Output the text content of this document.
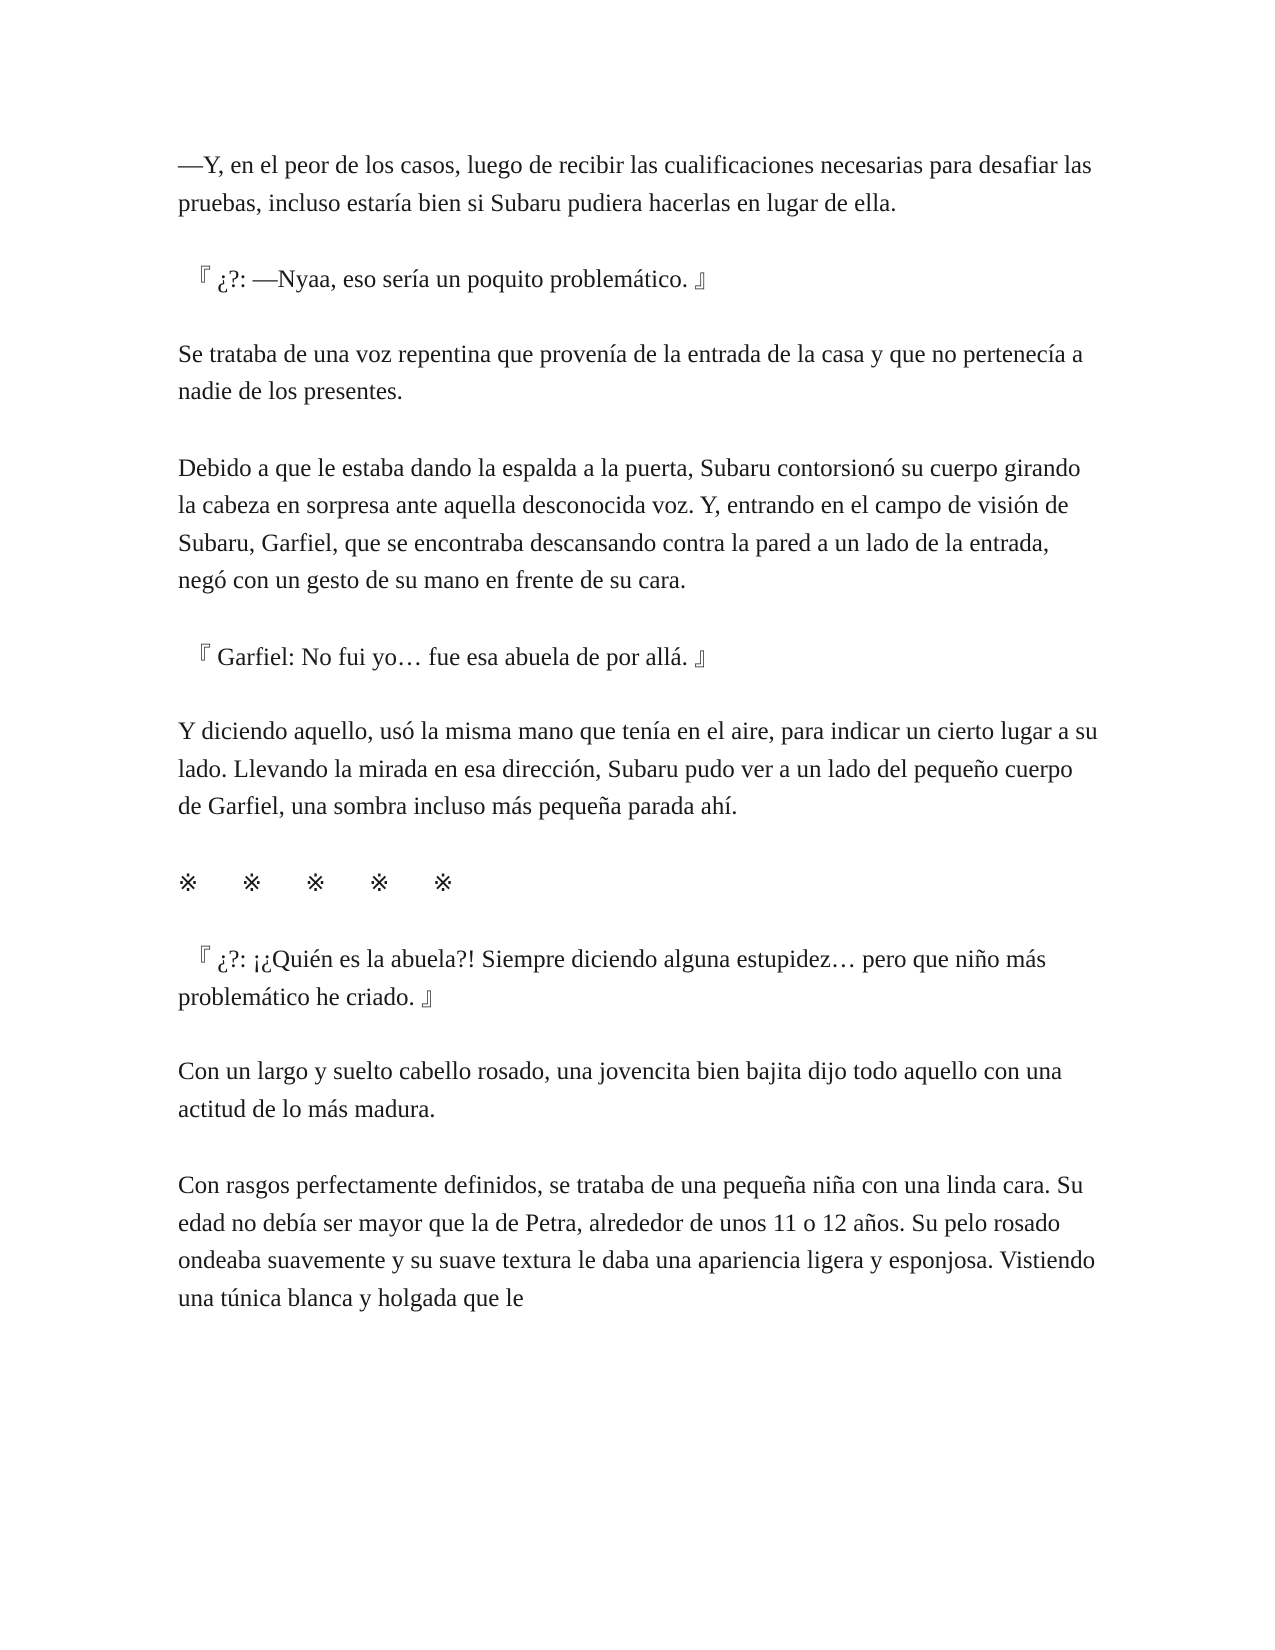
—Y, en el peor de los casos, luego de recibir las cualificaciones necesarias para desafiar las pruebas, incluso estaría bien si Subaru pudiera hacerlas en lugar de ella.

『 ¿?: —Nyaa, eso sería un poquito problemático. 』

Se trataba de una voz repentina que provenía de la entrada de la casa y que no pertenecía a nadie de los presentes.

Debido a que le estaba dando la espalda a la puerta, Subaru contorsionó su cuerpo girando la cabeza en sorpresa ante aquella desconocida voz. Y, entrando en el campo de visión de Subaru, Garfiel, que se encontraba descansando contra la pared a un lado de la entrada, negó con un gesto de su mano en frente de su cara.

『 Garfiel: No fui yo… fue esa abuela de por allá. 』

Y diciendo aquello, usó la misma mano que tenía en el aire, para indicar un cierto lugar a su lado. Llevando la mirada en esa dirección, Subaru pudo ver a un lado del pequeño cuerpo de Garfiel, una sombra incluso más pequeña parada ahí.

※ ※ ※ ※ ※

『 ¿?: ¡¿Quién es la abuela?! Siempre diciendo alguna estupidez… pero que niño más problemático he criado. 』

Con un largo y suelto cabello rosado, una jovencita bien bajita dijo todo aquello con una actitud de lo más madura.

Con rasgos perfectamente definidos, se trataba de una pequeña niña con una linda cara. Su edad no debía ser mayor que la de Petra, alrededor de unos 11 o 12 años. Su pelo rosado ondeaba suavemente y su suave textura le daba una apariencia ligera y esponjosa. Vistiendo una túnica blanca y holgada que le
